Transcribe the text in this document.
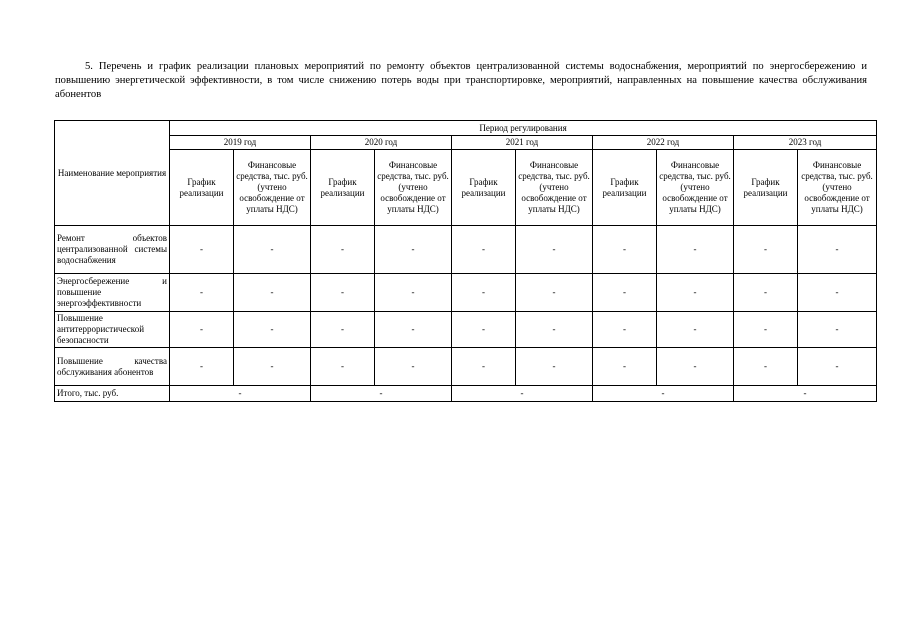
5. Перечень и график реализации плановых мероприятий по ремонту объектов централизованной системы водоснабжения, мероприятий по энергосбережению и повышению энергетической эффективности, в том числе снижению потерь воды при транспортировке, мероприятий, направленных на повышение качества обслуживания абонентов

Наименование мероприятия	Период регулирования									
	2019 год		2020 год		2021 год		2022 год		2023 год	
	График реализации	Финансовые средства, тыс. руб. (учтено освобождение от уплаты НДС)	График реализации	Финансовые средства, тыс. руб. (учтено освобождение от уплаты НДС)	График реализации	Финансовые средства, тыс. руб. (учтено освобождение от уплаты НДС)	График реализации	Финансовые средства, тыс. руб. (учтено освобождение от уплаты НДС)	График реализации	Финансовые средства, тыс. руб. (учтено освобождение от уплаты НДС)
Ремонт объектов централизованной системы водоснабжения	-	-	-	-	-	-	-	-	-	-
Энергосбережение и повышение энергоэффективности	-	-	-	-	-	-	-	-	-	-
Повышение антитеррористической безопасности	-	-	-	-	-	-	-	-	-	-
Повышение качества обслуживания абонентов	-	-	-	-	-	-	-	-	-	-
Итого, тыс. руб.	-		-		-		-		-	
